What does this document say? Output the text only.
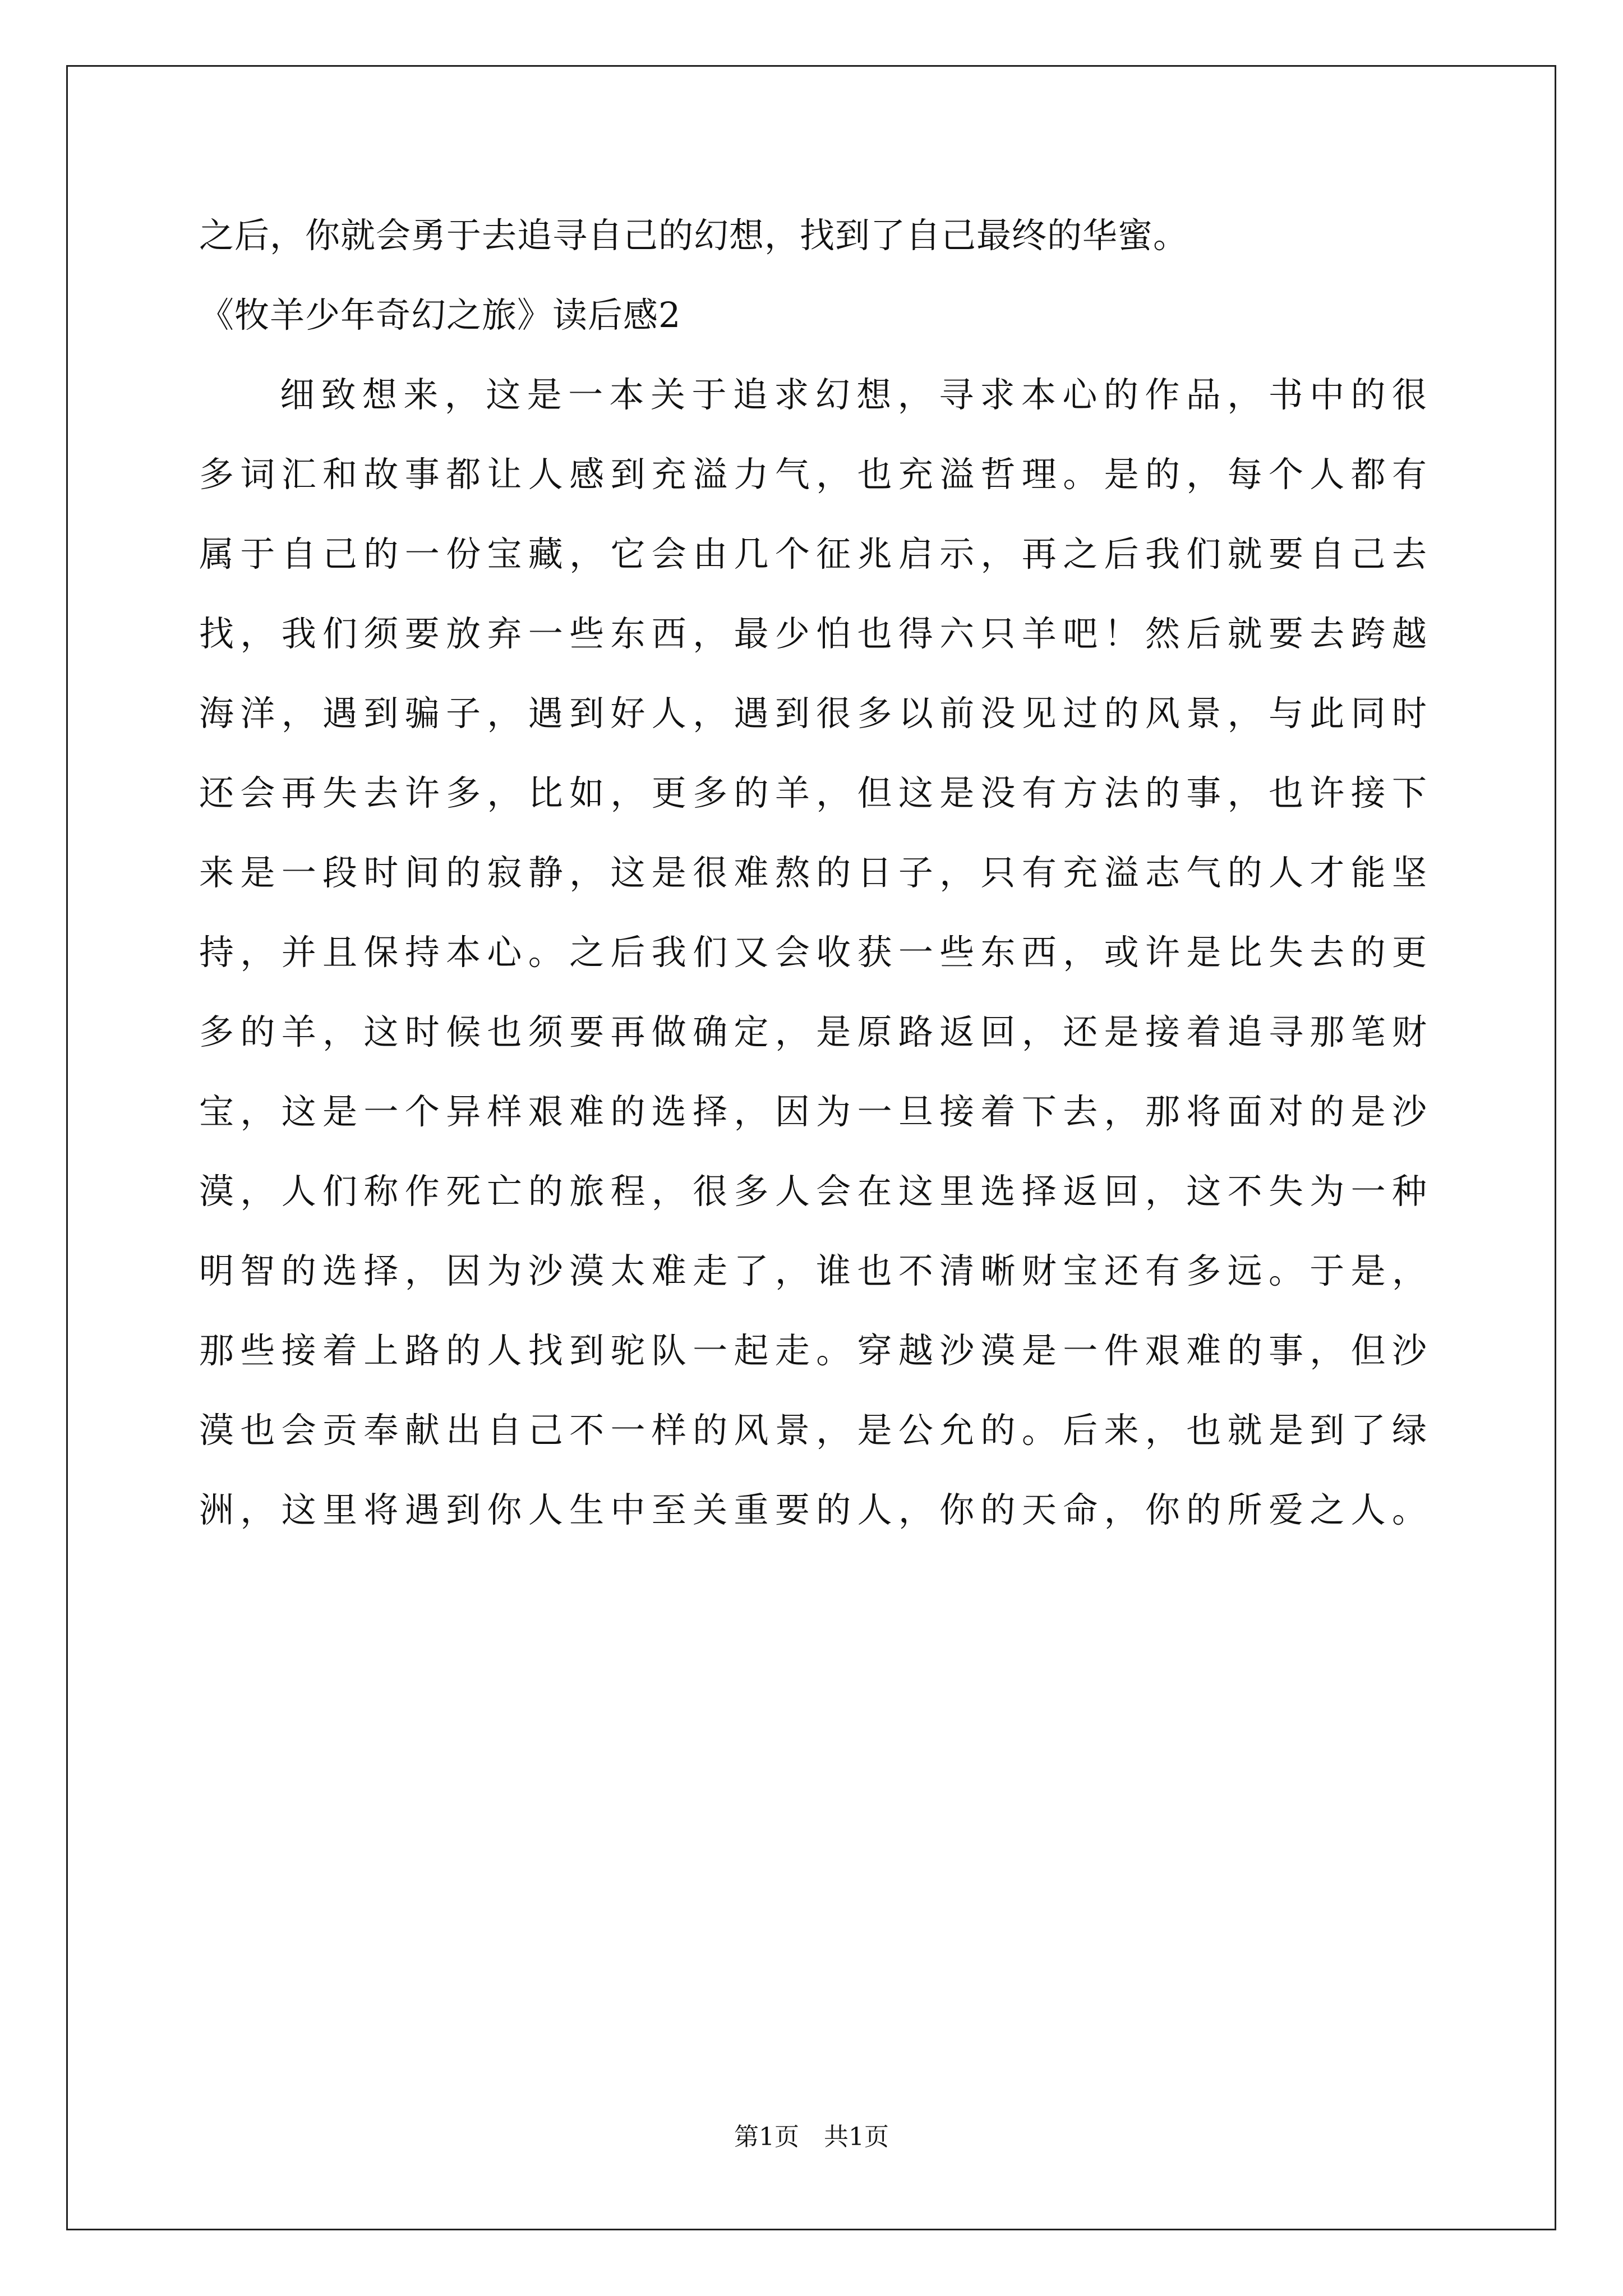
之后，你就会勇于去追寻自己的幻想，找到了自己最终的华蜜。
《牧羊少年奇幻之旅》读后感2
细致想来，这是一本关于追求幻想，寻求本心的作品，书中的很
多词汇和故事都让人感到充溢力气，也充溢哲理。是的，每个人都有
属于自己的一份宝藏，它会由几个征兆启示，再之后我们就要自己去
找，我们须要放弃一些东西，最少怕也得六只羊吧！然后就要去跨越
海洋，遇到骗子，遇到好人，遇到很多以前没见过的风景，与此同时
还会再失去许多，比如，更多的羊，但这是没有方法的事，也许接下
来是一段时间的寂静，这是很难熬的日子，只有充溢志气的人才能坚
持，并且保持本心。之后我们又会收获一些东西，或许是比失去的更
多的羊，这时候也须要再做确定，是原路返回，还是接着追寻那笔财
宝，这是一个异样艰难的选择，因为一旦接着下去，那将面对的是沙
漠，人们称作死亡的旅程，很多人会在这里选择返回，这不失为一种
明智的选择，因为沙漠太难走了，谁也不清晰财宝还有多远。于是，
那些接着上路的人找到驼队一起走。穿越沙漠是一件艰难的事，但沙
漠也会贡奉献出自己不一样的风景，是公允的。后来，也就是到了绿
洲，这里将遇到你人生中至关重要的人，你的天命，你的所爱之人。
第1页 共1页
